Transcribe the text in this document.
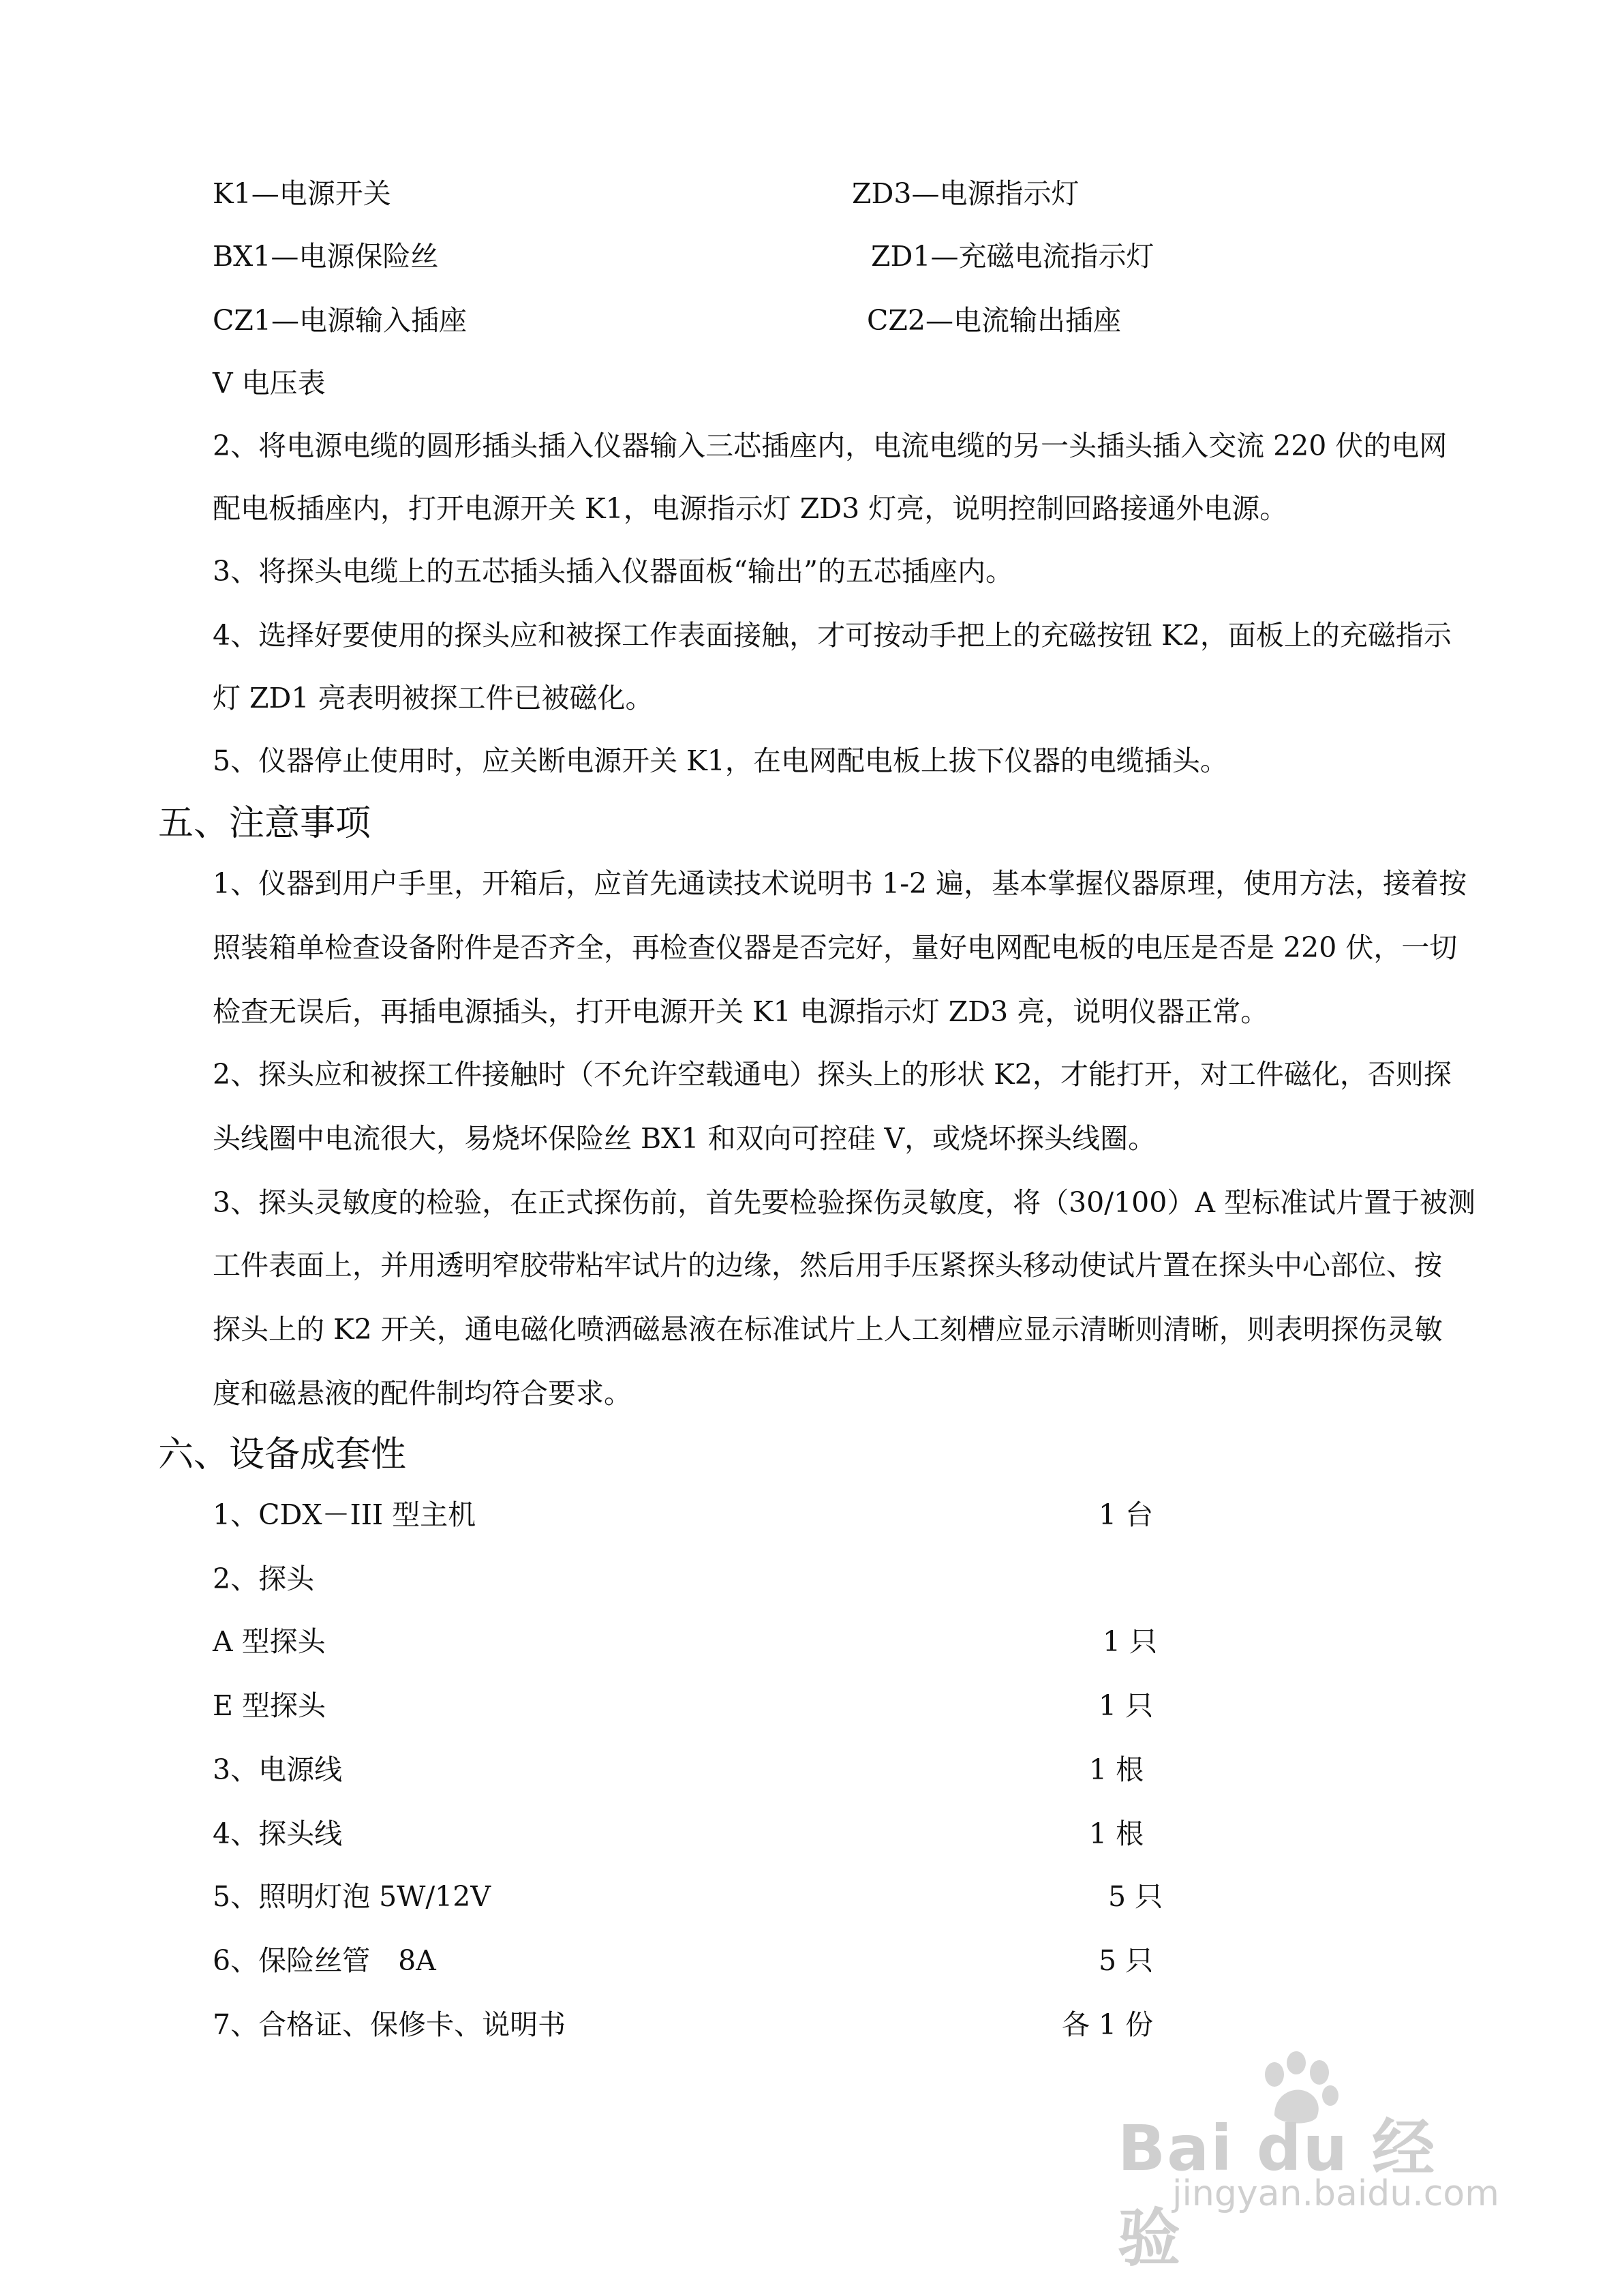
K1—电源开关	ZD3—电源指示灯
BX1—电源保险丝	ZD1—充磁电流指示灯
CZ1—电源输入插座	CZ2—电流输出插座
V 电压表
2、将电源电缆的圆形插头插入仪器输入三芯插座内，电流电缆的另一头插头插入交流 220 伏的电网
配电板插座内，打开电源开关 K1，电源指示灯 ZD3 灯亮，说明控制回路接通外电源。
3、将探头电缆上的五芯插头插入仪器面板“输出”的五芯插座内。
4、选择好要使用的探头应和被探工作表面接触，才可按动手把上的充磁按钮 K2，面板上的充磁指示
灯 ZD1 亮表明被探工件已被磁化。
5、仪器停止使用时，应关断电源开关 K1，在电网配电板上拔下仪器的电缆插头。
五、注意事项
1、仪器到用户手里，开箱后，应首先通读技术说明书 1-2 遍，基本掌握仪器原理，使用方法，接着按
照装箱单检查设备附件是否齐全，再检查仪器是否完好，量好电网配电板的电压是否是 220 伏，一切
检查无误后，再插电源插头，打开电源开关 K1 电源指示灯 ZD3 亮，说明仪器正常。
2、探头应和被探工件接触时（不允许空载通电）探头上的形状 K2，才能打开，对工件磁化，否则探
头线圈中电流很大，易烧坏保险丝 BX1 和双向可控硅 V，或烧坏探头线圈。
3、探头灵敏度的检验，在正式探伤前，首先要检验探伤灵敏度，将（30/100）A 型标准试片置于被测
工件表面上，并用透明窄胶带粘牢试片的边缘，然后用手压紧探头移动使试片置在探头中心部位、按
探头上的 K2 开关，通电磁化喷洒磁悬液在标准试片上人工刻槽应显示清晰则清晰，则表明探伤灵敏
度和磁悬液的配件制均符合要求。
六、设备成套性
1、CDX－III 型主机	1 台
2、探头
A 型探头	1 只
E 型探头	1 只
3、电源线	1 根
4、探头线	1 根
5、照明灯泡 5W/12V	5 只
6、保险丝管　8A	5 只
7、合格证、保修卡、说明书	各 1 份
Bai du 经验
jingyan.baidu.com
